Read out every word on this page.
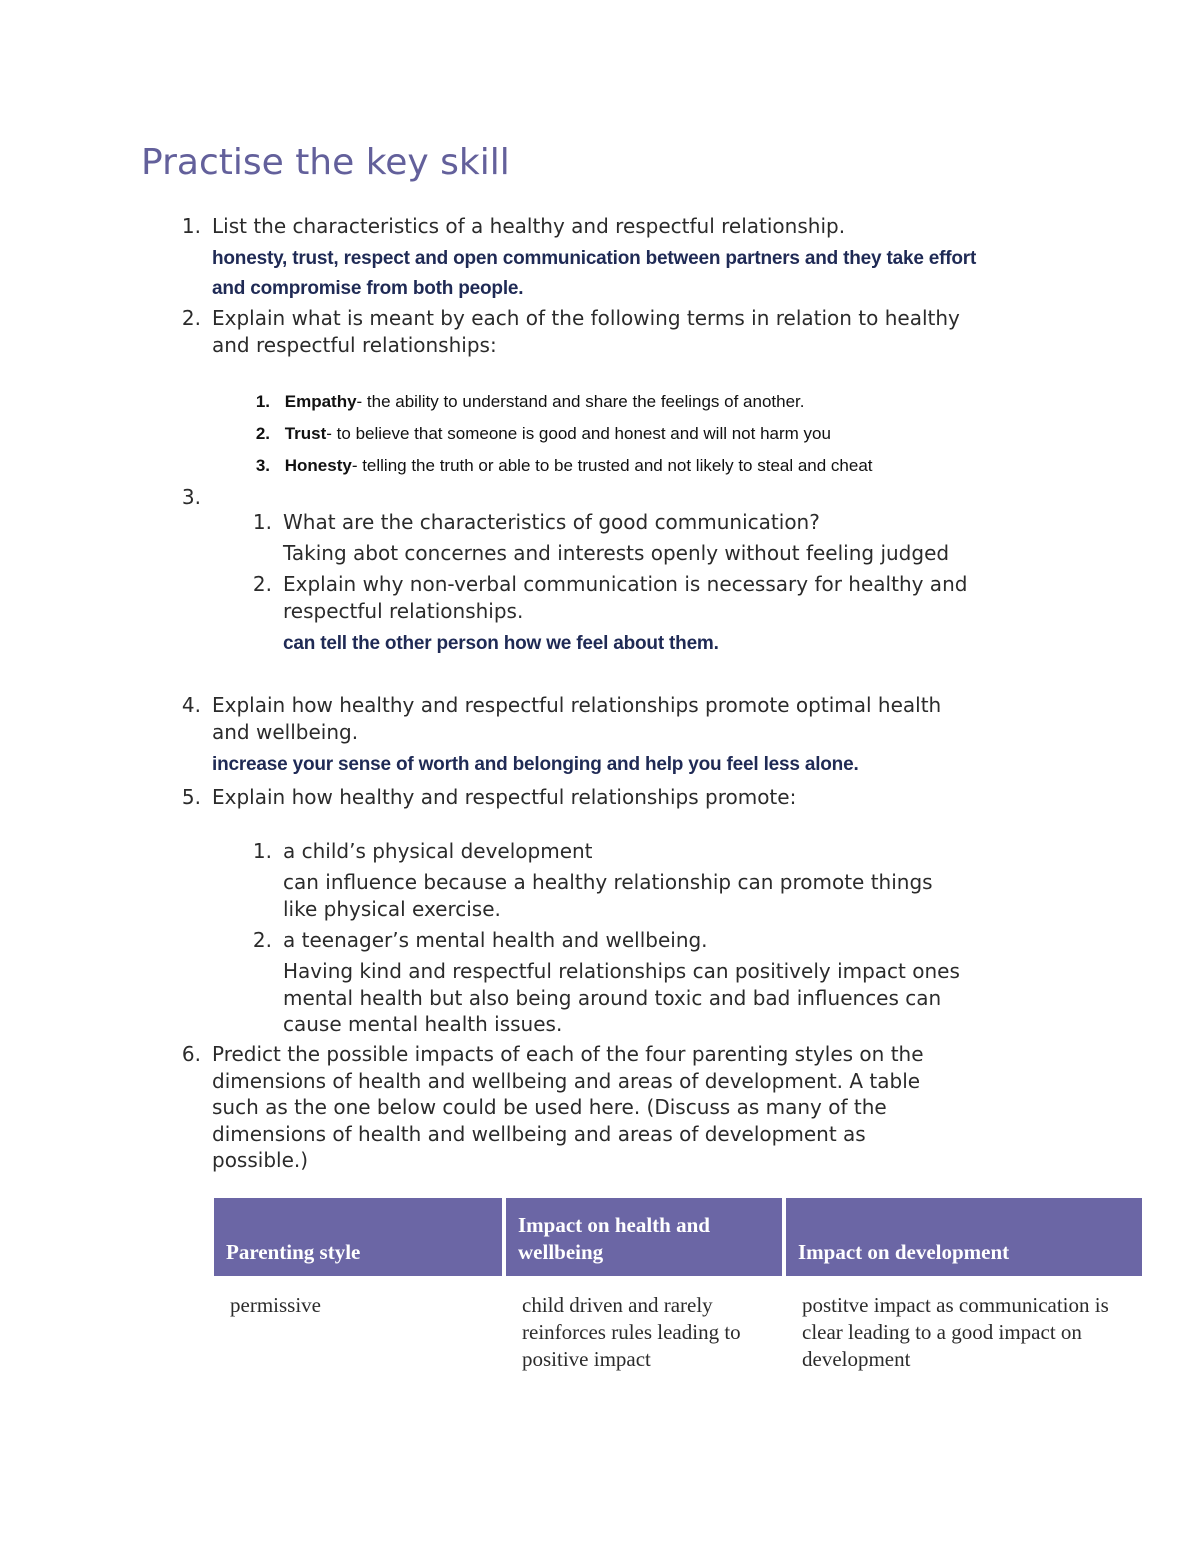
Practise the key skill
1. List the characteristics of a healthy and respectful relationship.
honesty, trust, respect and open communication between partners and they take effort
and compromise from both people.
2. Explain what is meant by each of the following terms in relation to healthy
and respectful relationships:
1. Empathy- the ability to understand and share the feelings of another.
2. Trust- to believe that someone is good and honest and will not harm you
3. Honesty- telling the truth or able to be trusted and not likely to steal and cheat
3.
1. What are the characteristics of good communication?
Taking abot concernes and interests openly without feeling judged
2. Explain why non-verbal communication is necessary for healthy and
respectful relationships.
can tell the other person how we feel about them.
4. Explain how healthy and respectful relationships promote optimal health
and wellbeing.
increase your sense of worth and belonging and help you feel less alone.
5. Explain how healthy and respectful relationships promote:
1. a child’s physical development
can influence because a healthy relationship can promote things
like physical exercise.
2. a teenager’s mental health and wellbeing.
Having kind and respectful relationships can positively impact ones
mental health but also being around toxic and bad influences can
cause mental health issues.
6. Predict the possible impacts of each of the four parenting styles on the
dimensions of health and wellbeing and areas of development. A table
such as the one below could be used here. (Discuss as many of the
dimensions of health and wellbeing and areas of development as
possible.)
Parenting style	Impact on health and wellbeing	Impact on development
permissive	child driven and rarely reinforces rules leading to positive impact	postitve impact as communication is clear leading to a good impact on development
